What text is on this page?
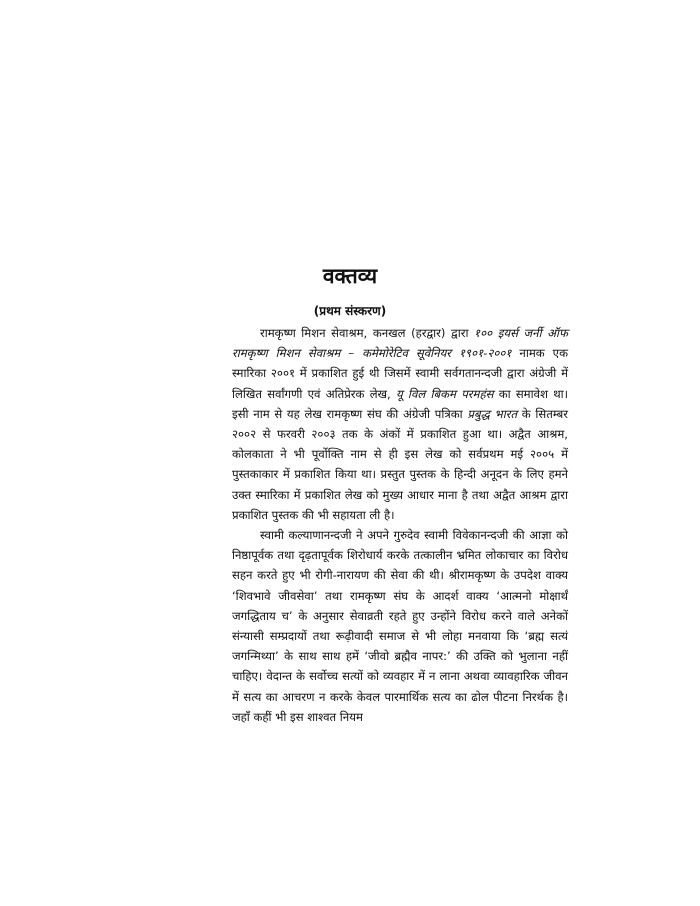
वक्तव्य
(प्रथम संस्करण)

रामकृष्ण मिशन सेवाश्रम, कनखल (हरद्वार) द्वारा १०० इयर्स जर्नी ऑफ रामकृष्ण मिशन सेवाश्रम – कमेमोरेटिव सूवेनियर १९०१-२००१ नामक एक स्मारिका २००१ में प्रकाशित हुई थी जिसमें स्वामी सर्वगतानन्दजी द्वारा अंग्रेजी में लिखित सर्वांगणी एवं अतिप्रेरक लेख, यू विल बिकम परमहंस का समावेश था। इसी नाम से यह लेख रामकृष्ण संघ की अंग्रेजी पत्रिका प्रबुद्ध भारत के सितम्बर २००२ से फरवरी २००३ तक के अंकों में प्रकाशित हुआ था। अद्वैत आश्रम, कोलकाता ने भी पूर्वोक्ति नाम से ही इस लेख को सर्वप्रथम मई २००५ में पुस्तकाकार में प्रकाशित किया था। प्रस्तुत पुस्तक के हिन्दी अनूदन के लिए हमने उक्त स्मारिका में प्रकाशित लेख को मुख्य आधार माना है तथा अद्वैत आश्रम द्वारा प्रकाशित पुस्तक की भी सहायता ली है।

स्वामी कल्याणानन्दजी ने अपने गुरुदेव स्वामी विवेकानन्दजी की आज्ञा को निष्ठापूर्वक तथा दृढ़तापूर्वक शिरोधार्य करके तत्कालीन भ्रमित लोकाचार का विरोध सहन करते हुए भी रोगी-नारायण की सेवा की थी। श्रीरामकृष्ण के उपदेश वाक्य ‘शिवभावे जीवसेवा’ तथा रामकृष्ण संघ के आदर्श वाक्य ‘आत्मनो मोक्षार्थं जगद्धिताय च’ के अनुसार सेवाव्रती रहते हुए उन्होंने विरोध करने वाले अनेकों संन्यासी सम्प्रदायों तथा रूढ़ीवादी समाज से भी लोहा मनवाया कि ‘ब्रह्म सत्यं जगन्मिथ्या’ के साथ साथ हमें ‘जीवो ब्रह्मैव नापर:’ की उक्ति को भुलाना नहीं चाहिए। वेदान्त के सर्वोच्च सत्यों को व्यवहार में न लाना अथवा व्यावहारिक जीवन में सत्य का आचरण न करके केवल पारमार्थिक सत्य का ढोल पीटना निरर्थक है। जहाँ कहीं भी इस शाश्वत नियम
